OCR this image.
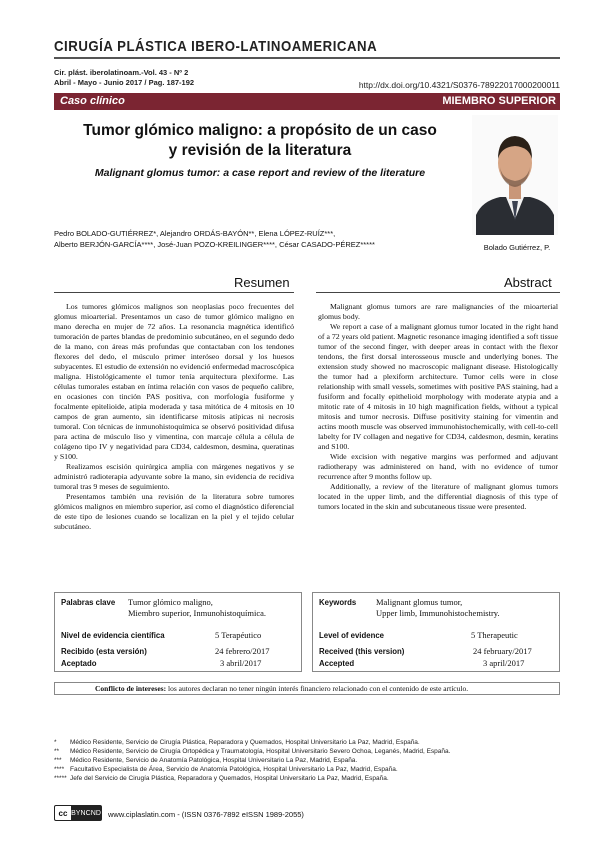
CIRUGÍA PLÁSTICA IBERO-LATINOAMERICANA
Cir. plást. iberolatinoam.-Vol. 43 - Nº 2
Abril - Mayo - Junio 2017 / Pag. 187-192	http://dx.doi.org/10.4321/S0376-78922017000200011
Caso clínico	MIEMBRO SUPERIOR
Tumor glómico maligno: a propósito de un caso
y revisión de la literatura
Malignant glomus tumor: a case report and review of the literature
Bolado Gutiérrez, P.
Pedro BOLADO-GUTIÉRREZ*, Alejandro ORDÁS-BAYÓN**, Elena LÓPEZ-RUÍZ***,
Alberto BERJÓN-GARCÍA****, José-Juan POZO-KREILINGER****, César CASADO-PÉREZ*****
Resumen	Abstract

Los tumores glómicos malignos son neoplasias poco frecuentes del glomus mioarterial. Presentamos un caso de tumor glómico maligno en mano derecha en mujer de 72 años. La resonancia magnética identificó tumoración de partes blandas de predominio subcutáneo, en el segundo dedo de la mano, con áreas más profundas que contactaban con los tendones flexores del dedo, el músculo primer interóseo dorsal y los huesos subyacentes. El estudio de extensión no evidenció enfermedad macroscópica maligna. Histológicamente el tumor tenía arquitectura plexiforme. Las células tumorales estaban en íntima relación con vasos de pequeño calibre, en ocasiones con tinción PAS positiva, con morfología fusiforme y focalmente epitelioide, atipia moderada y tasa mitótica de 4 mitosis en 10 campos de gran aumento, sin identificarse mitosis atípicas ni necrosis tumoral. Con técnicas de inmunohistoquímica se observó positividad difusa para actina de músculo liso y vimentina, con marcaje célula a célula de colágeno tipo IV y negatividad para CD34, caldesmon, desmina, queratinas y S100.

Realizamos escisión quirúrgica amplia con márgenes negativos y se administró radioterapia adyuvante sobre la mano, sin evidencia de recidiva tumoral tras 9 meses de seguimiento.

Presentamos también una revisión de la literatura sobre tumores glómicos malignos en miembro superior, así como el diagnóstico diferencial de este tipo de lesiones cuando se localizan en la piel y el tejido celular subcutáneo.

Malignant glomus tumors are rare malignancies of the mioarterial glomus body.

We report a case of a malignant glomus tumor located in the right hand of a 72 years old patient. Magnetic resonance imaging identified a soft tissue tumor of the second finger, with deeper areas in contact with the flexor tendons, the first dorsal interosseous muscle and underlying bones. The extension study showed no macroscopic malignant disease. Histologically the tumor had a plexiform architecture. Tumor cells were in close relationship with small vessels, sometimes with positive PAS staining, had a fusiform and focally epithelioid morphology with moderate atypia and a mitotic rate of 4 mitosis in 10 high magnification fields, without a typical mitosis and tumor necrosis. Diffuse positivity staining for vimentin and actins mooth muscle was observed immunohistochemically, with cell-to-cell labelty for IV collagen and negative for CD34, caldesmon, desmin, keratins and S100.

Wide excision with negative margins was performed and adjuvant radiotherapy was administered on hand, with no evidence of tumor recurrence after 9 months follow up.

Additionally, a review of the literature of malignant glomus tumors located in the upper limb, and the differential diagnosis of this type of tumors located in the skin and subcutaneous tissue were presented.

Palabras clave Tumor glómico maligno,
Miembro superior, Inmunohistoquímica.
Nivel de evidencia científica	5 Terapéutico
Recibido (esta versión)	24 febrero/2017
Aceptado	3 abril/2017
Keywords Malignant glomus tumor,
Upper limb, Immunohistochemistry.
Level of evidence	5 Therapeutic
Received (this version)	24 february/2017
Accepted	3 april/2017
Conflicto de intereses: los autores declaran no tener ningún interés financiero relacionado con el contenido de este artículo.
* Médico Residente, Servicio de Cirugía Plástica, Reparadora y Quemados, Hospital Universitario La Paz, Madrid, España.
** Médico Residente, Servicio de Cirugía Ortopédica y Traumatología, Hospital Universitario Severo Ochoa, Leganés, Madrid, España.
*** Médico Residente, Servicio de Anatomía Patológica, Hospital Universitario La Paz, Madrid, España.
**** Facultativo Especialista de Área, Servicio de Anatomía Patológica, Hospital Universitario La Paz, Madrid, España.
***** Jefe del Servicio de Cirugía Plástica, Reparadora y Quemados, Hospital Universitario La Paz, Madrid, España.
cc BY NC ND www.ciplaslatin.com - (ISSN 0376-7892 eISSN 1989-2055)
